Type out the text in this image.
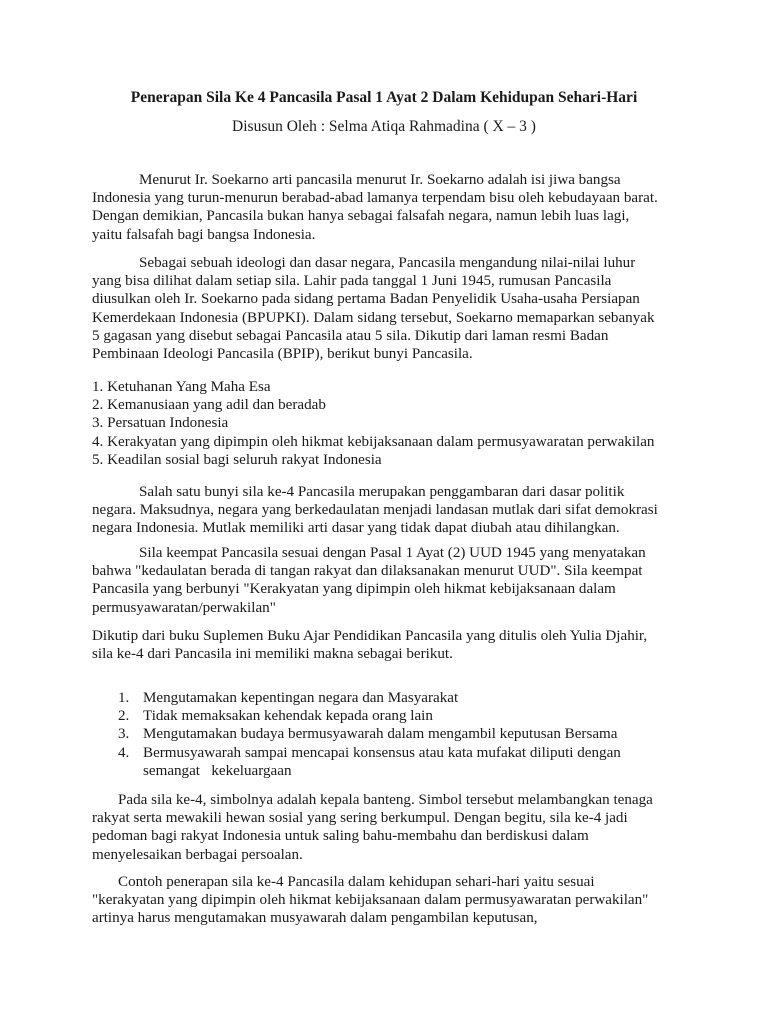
Penerapan Sila Ke 4 Pancasila Pasal 1 Ayat 2 Dalam Kehidupan Sehari-Hari
Disusun Oleh : Selma Atiqa Rahmadina ( X – 3 )
Menurut Ir. Soekarno arti pancasila menurut Ir. Soekarno adalah isi jiwa bangsa
Indonesia yang turun-menurun berabad-abad lamanya terpendam bisu oleh kebudayaan barat.
Dengan demikian, Pancasila bukan hanya sebagai falsafah negara, namun lebih luas lagi,
yaitu falsafah bagi bangsa Indonesia.
Sebagai sebuah ideologi dan dasar negara, Pancasila mengandung nilai-nilai luhur
yang bisa dilihat dalam setiap sila. Lahir pada tanggal 1 Juni 1945, rumusan Pancasila
diusulkan oleh Ir. Soekarno pada sidang pertama Badan Penyelidik Usaha-usaha Persiapan
Kemerdekaan Indonesia (BPUPKI). Dalam sidang tersebut, Soekarno memaparkan sebanyak
5 gagasan yang disebut sebagai Pancasila atau 5 sila. Dikutip dari laman resmi Badan
Pembinaan Ideologi Pancasila (BPIP), berikut bunyi Pancasila.
1. Ketuhanan Yang Maha Esa
2. Kemanusiaan yang adil dan beradab
3. Persatuan Indonesia
4. Kerakyatan yang dipimpin oleh hikmat kebijaksanaan dalam permusyawaratan perwakilan
5. Keadilan sosial bagi seluruh rakyat Indonesia
Salah satu bunyi sila ke-4 Pancasila merupakan penggambaran dari dasar politik
negara. Maksudnya, negara yang berkedaulatan menjadi landasan mutlak dari sifat demokrasi
negara Indonesia. Mutlak memiliki arti dasar yang tidak dapat diubah atau dihilangkan.
Sila keempat Pancasila sesuai dengan Pasal 1 Ayat (2) UUD 1945 yang menyatakan
bahwa "kedaulatan berada di tangan rakyat dan dilaksanakan menurut UUD". Sila keempat
Pancasila yang berbunyi "Kerakyatan yang dipimpin oleh hikmat kebijaksanaan dalam
permusyawaratan/perwakilan"
Dikutip dari buku Suplemen Buku Ajar Pendidikan Pancasila yang ditulis oleh Yulia Djahir,
sila ke-4 dari Pancasila ini memiliki makna sebagai berikut.
1. Mengutamakan kepentingan negara dan Masyarakat
2. Tidak memaksakan kehendak kepada orang lain
3. Mengutamakan budaya bermusyawarah dalam mengambil keputusan Bersama
4. Bermusyawarah sampai mencapai konsensus atau kata mufakat diliputi dengan
semangat   kekeluargaan
Pada sila ke-4, simbolnya adalah kepala banteng. Simbol tersebut melambangkan tenaga
rakyat serta mewakili hewan sosial yang sering berkumpul. Dengan begitu, sila ke-4 jadi
pedoman bagi rakyat Indonesia untuk saling bahu-membahu dan berdiskusi dalam
menyelesaikan berbagai persoalan.
Contoh penerapan sila ke-4 Pancasila dalam kehidupan sehari-hari yaitu sesuai
"kerakyatan yang dipimpin oleh hikmat kebijaksanaan dalam permusyawaratan perwakilan"
artinya harus mengutamakan musyawarah dalam pengambilan keputusan,
